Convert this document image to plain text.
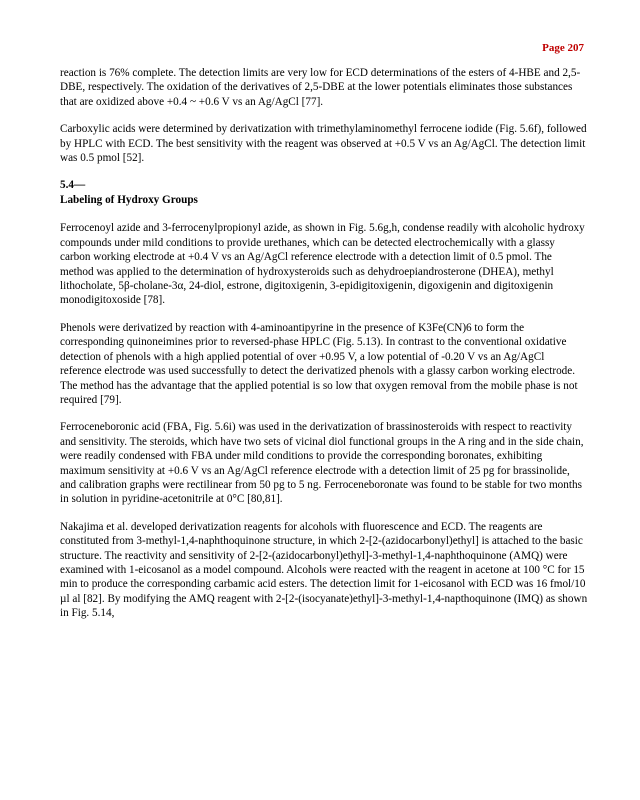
Page 207

reaction is 76% complete. The detection limits are very low for ECD determinations of the esters of 4-HBE and 2,5-DBE, respectively. The oxidation of the derivatives of 2,5-DBE at the lower potentials eliminates those substances that are oxidized above +0.4 ~ +0.6 V vs an Ag/AgCl [77].

Carboxylic acids were determined by derivatization with trimethylaminomethyl ferrocene iodide (Fig. 5.6f), followed by HPLC with ECD. The best sensitivity with the reagent was observed at +0.5 V vs an Ag/AgCl. The detection limit was 0.5 pmol [52].

5.4—
Labeling of Hydroxy Groups

Ferrocenoyl azide and 3-ferrocenylpropionyl azide, as shown in Fig. 5.6g,h, condense readily with alcoholic hydroxy compounds under mild conditions to provide urethanes, which can be detected electrochemically with a glassy carbon working electrode at +0.4 V vs an Ag/AgCl reference electrode with a detection limit of 0.5 pmol. The method was applied to the determination of hydroxysteroids such as dehydroepiandrosterone (DHEA), methyl lithocholate, 5β-cholane-3α, 24-diol, estrone, digitoxigenin, 3-epidigitoxigenin, digoxigenin and digitoxigenin monodigitoxoside [78].

Phenols were derivatized by reaction with 4-aminoantipyrine in the presence of K3Fe(CN)6 to form the corresponding quinoneimines prior to reversed-phase HPLC (Fig. 5.13). In contrast to the conventional oxidative detection of phenols with a high applied potential of over +0.95 V, a low potential of -0.20 V vs an Ag/AgCl reference electrode was used successfully to detect the derivatized phenols with a glassy carbon working electrode. The method has the advantage that the applied potential is so low that oxygen removal from the mobile phase is not required [79].

Ferroceneboronic acid (FBA, Fig. 5.6i) was used in the derivatization of brassinosteroids with respect to reactivity and sensitivity. The steroids, which have two sets of vicinal diol functional groups in the A ring and in the side chain, were readily condensed with FBA under mild conditions to provide the corresponding boronates, exhibiting maximum sensitivity at +0.6 V vs an Ag/AgCl reference electrode with a detection limit of 25 pg for brassinolide, and calibration graphs were rectilinear from 50 pg to 5 ng. Ferroceneboronate was found to be stable for two months in solution in pyridine-acetonitrile at 0°C [80,81].

Nakajima et al. developed derivatization reagents for alcohols with fluorescence and ECD. The reagents are constituted from 3-methyl-1,4-naphthoquinone structure, in which 2-[2-(azidocarbonyl)ethyl] is attached to the basic structure. The reactivity and sensitivity of 2-[2-(azidocarbonyl)ethyl]-3-methyl-1,4-naphthoquinone (AMQ) were examined with 1-eicosanol as a model compound. Alcohols were reacted with the reagent in acetone at 100 °C for 15 min to produce the corresponding carbamic acid esters. The detection limit for 1-eicosanol with ECD was 16 fmol/10 µl al [82]. By modifying the AMQ reagent with 2-[2-(isocyanate)ethyl]-3-methyl-1,4-napthoquinone (IMQ) as shown in Fig. 5.14,
